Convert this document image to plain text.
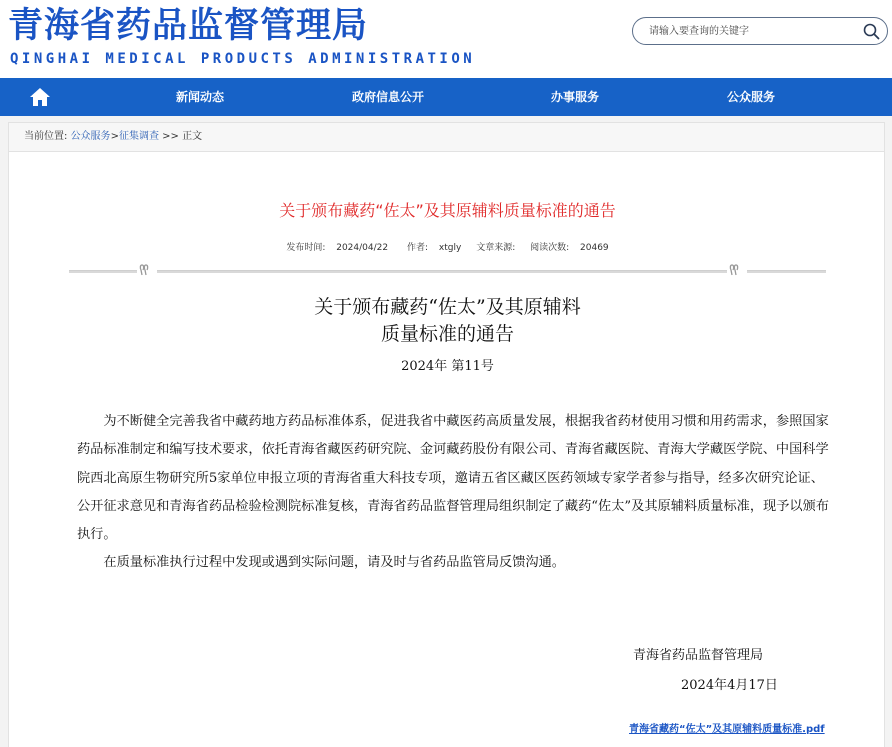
青海省药品监督管理局
QINGHAI MEDICAL PRODUCTS ADMINISTRATION
请输入要查询的关键字
新闻动态	政府信息公开	办事服务	公众服务
当前位置: 公众服务>征集调查 >> 正文
关于颁布藏药“佐太”及其原辅料质量标准的通告
发布时间: 2024/04/22 作者: xtgly 文章来源: 阅读次数: 20469
关于颁布藏药“佐太”及其原辅料
质量标准的通告
2024年 第11号

为不断健全完善我省中藏药地方药品标准体系，促进我省中藏医药高质量发展，根据我省药材使用习惯和用药需求，参照国家药品标准制定和编写技术要求，依托青海省藏医药研究院、金诃藏药股份有限公司、青海省藏医院、青海大学藏医学院、中国科学院西北高原生物研究所5家单位申报立项的青海省重大科技专项，邀请五省区藏区医药领域专家学者参与指导，经多次研究论证、公开征求意见和青海省药品检验检测院标准复核，青海省药品监督管理局组织制定了藏药“佐太”及其原辅料质量标准，现予以颁布执行。

在质量标准执行过程中发现或遇到实际问题，请及时与省药品监管局反馈沟通。

青海省药品监督管理局
2024年4月17日
青海省藏药“佐太”及其原辅料质量标准.pdf
